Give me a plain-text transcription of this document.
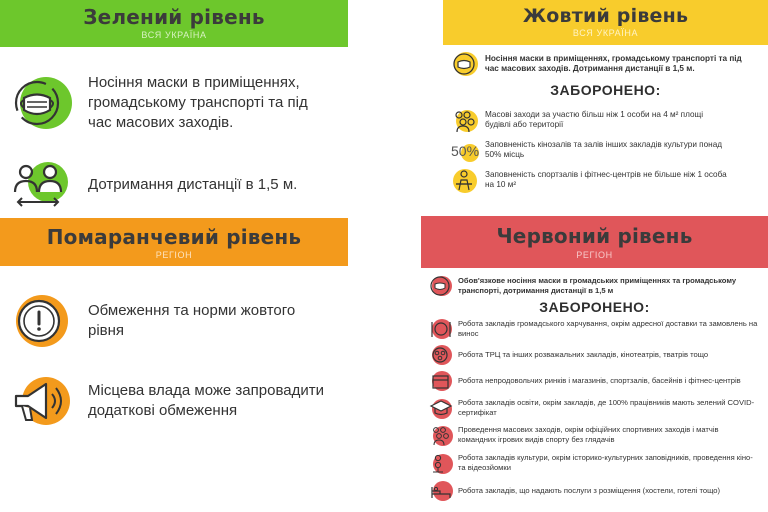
Зелений рівень
ВСЯ УКРАЇНА
Носіння маски в приміщеннях, громадському транспорті та під час масових заходів.
Дотримання дистанції в 1,5 м.
Жовтий рівень
ВСЯ УКРАЇНА
Носіння маски в приміщеннях, громадському транспорті та під час масових заходів. Дотримання дистанції в 1,5 м.
ЗАБОРОНЕНО:
Масові заходи за участю більш ніж 1 особи на 4 м² площі будівлі або території
50% Заповненість кінозалів та залів інших закладів культури понад 50% місць
Заповненість спортзалів і фітнес-центрів не більше ніж 1 особа на 10 м²
Помаранчевий рівень
РЕГІОН
Обмеження та норми жовтого рівня
Місцева влада може запровадити додаткові обмеження
Червоний рівень
РЕГІОН
Обов'язкове носіння маски в громадських приміщеннях та громадському транспорті, дотримання дистанції в 1,5 м
ЗАБОРОНЕНО:
Робота закладів громадського харчування, окрім адресної доставки та замовлень на винос
Робота ТРЦ та інших розважальних закладів, кінотеатрів, тватрів тощо
Робота непродовольчих ринків і магазинів, спортзалів, басейнів і фітнес-центрів
Робота закладів освіти, окрім закладів, де 100% працівників мають зелений COVID-сертифікат
Проведення масових заходів, окрім офіційних спортивних заходів і матчів командних ігрових видів спорту без глядачів
Робота закладів культури, окрім історико-культурних заповідників, проведення кіно- та відеозйомки
Робота закладів, що надають послуги з розміщення (хостели, готелі тощо)
